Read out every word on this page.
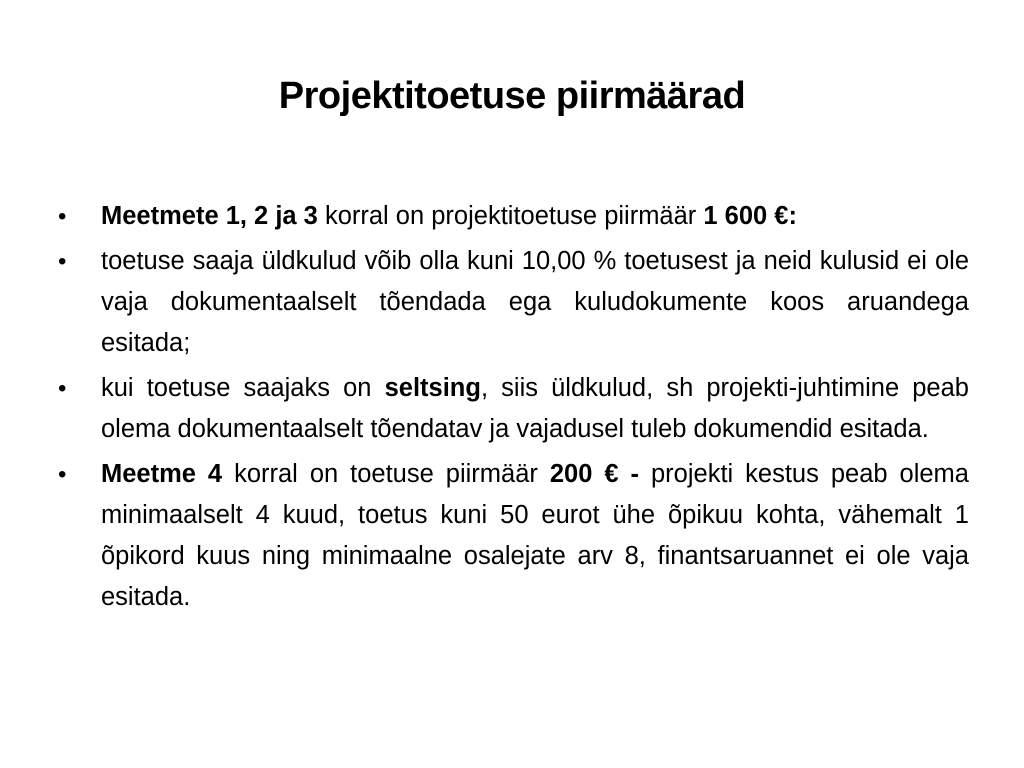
Projektitoetuse piirmäärad
•	Meetmete 1, 2 ja 3 korral on projektitoetuse piirmäär 1 600 €:
•	toetuse saaja üldkulud võib olla kuni 10,00 % toetusest ja neid kulusid ei ole vaja dokumentaalselt tõendada ega kuludokumente koos aruandega esitada;
•	kui toetuse saajaks on seltsing, siis üldkulud, sh projekti-juhtimine peab olema dokumentaalselt tõendatav ja vajadusel tuleb dokumendid esitada.
•	Meetme 4 korral on toetuse piirmäär 200 € - projekti kestus peab olema minimaalselt 4 kuud, toetus kuni 50 eurot ühe õpikuu kohta, vähemalt 1 õpikord kuus ning minimaalne osalejate arv 8, finantsaruannet ei ole vaja esitada.
